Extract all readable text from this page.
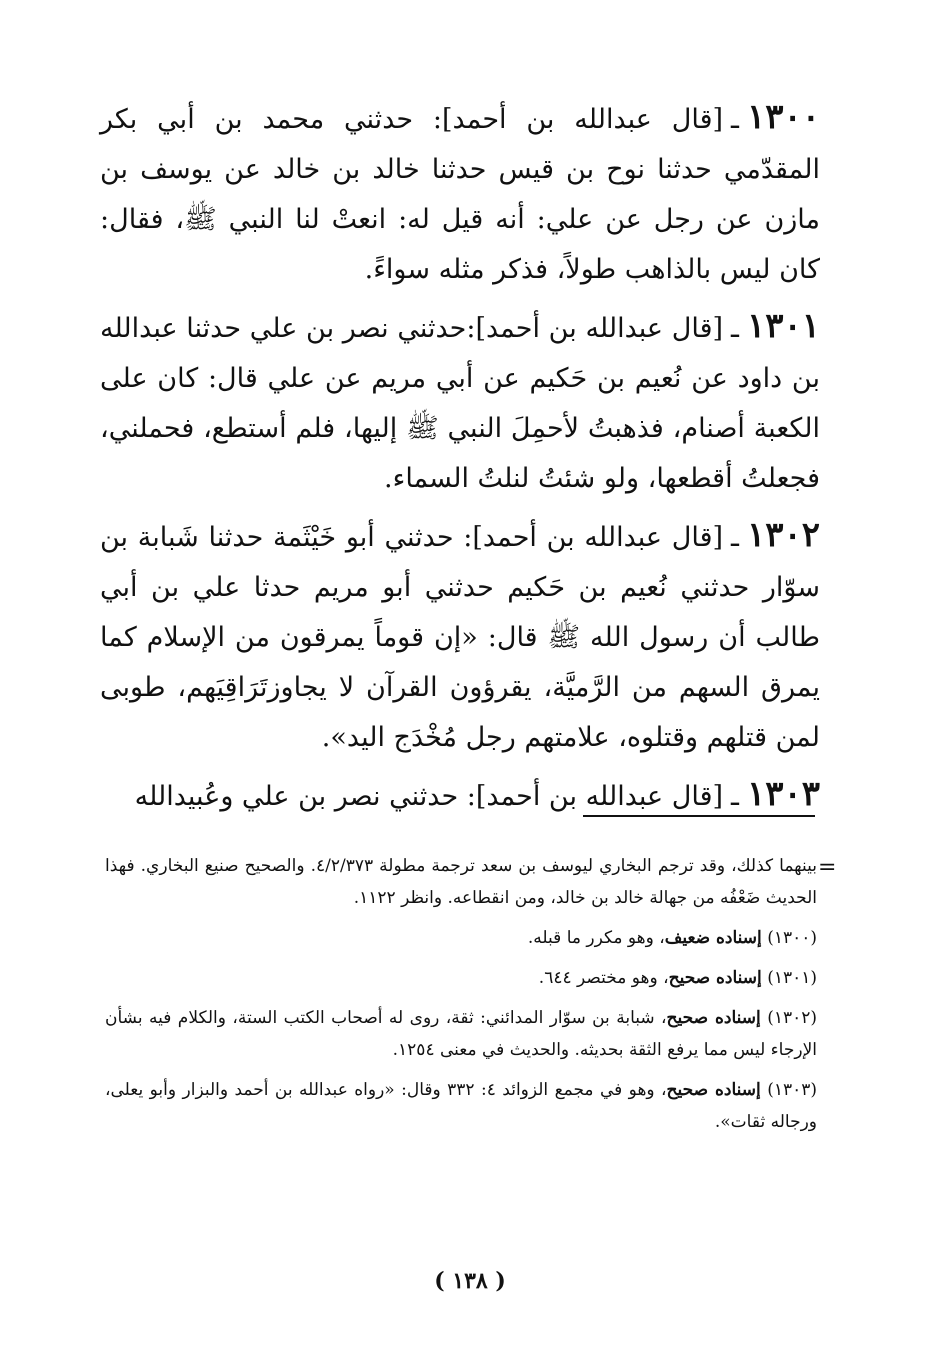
١٣٠٠ـ[قال عبدالله بن أحمد]: حدثني محمد بن أبي بكر المقدّمي حدثنا نوح بن قيس حدثنا خالد بن خالد عن يوسف بن مازن عن رجل عن علي: أنه قيل له: انعتْ لنا النبي ﷺ، فقال: كان ليس بالذاهب طولاً، فذكر مثله سواءً.

١٣٠١ـ[قال عبدالله بن أحمد]:حدثني نصر بن علي حدثنا عبدالله بن داود عن نُعيم بن حَكيم عن أبي مريم عن علي قال: كان على الكعبة أصنام، فذهبتُ لأحمِلَ النبي ﷺ إليها، فلم أستطع، فحملني، فجعلتُ أقطعها، ولو شئتُ لنلتُ السماء.

١٣٠٢ـ[قال عبدالله بن أحمد]: حدثني أبو خَيْثَمة حدثنا شَبابة بن سوّار حدثني نُعيم بن حَكيم حدثني أبو مريم حدثا علي بن أبي طالب أن رسول الله ﷺ قال: «إن قوماً يمرقون من الإسلام كما يمرق السهم من الرَّميَّة، يقرؤون القرآن لا يجاوزتَرَاقِيَهم، طوبى لمن قتلهم وقتلوه، علامتهم رجل مُخْدَج اليد».

١٣٠٣ـ[قال عبدالله بن أحمد]: حدثني نصر بن علي وعُبيدالله

=

بينهما كذلك، وقد ترجم البخاري ليوسف بن سعد ترجمة مطولة ٤/٢/٣٧٣. والصحيح صنيع البخاري. فهذا الحديث ضَعْفُه من جهالة خالد بن خالد، ومن انقطاعه. وانظر ١١٢٢.

(١٣٠٠) إسناده ضعيف، وهو مكرر ما قبله.

(١٣٠١) إسناده صحيح، وهو مختصر ٦٤٤.

(١٣٠٢) إسناده صحيح، شبابة بن سوّار المدائني: ثقة، روى له أصحاب الكتب الستة، والكلام فيه بشأن الإرجاء ليس مما يرفع الثقة بحديثه. والحديث في معنى ١٢٥٤.

(١٣٠٣) إسناده صحيح، وهو في مجمع الزوائد ٤: ٣٣٢ وقال: «رواه عبدالله بن أحمد والبزار وأبو يعلى، ورجاله ثقات».

( ١٣٨ )
